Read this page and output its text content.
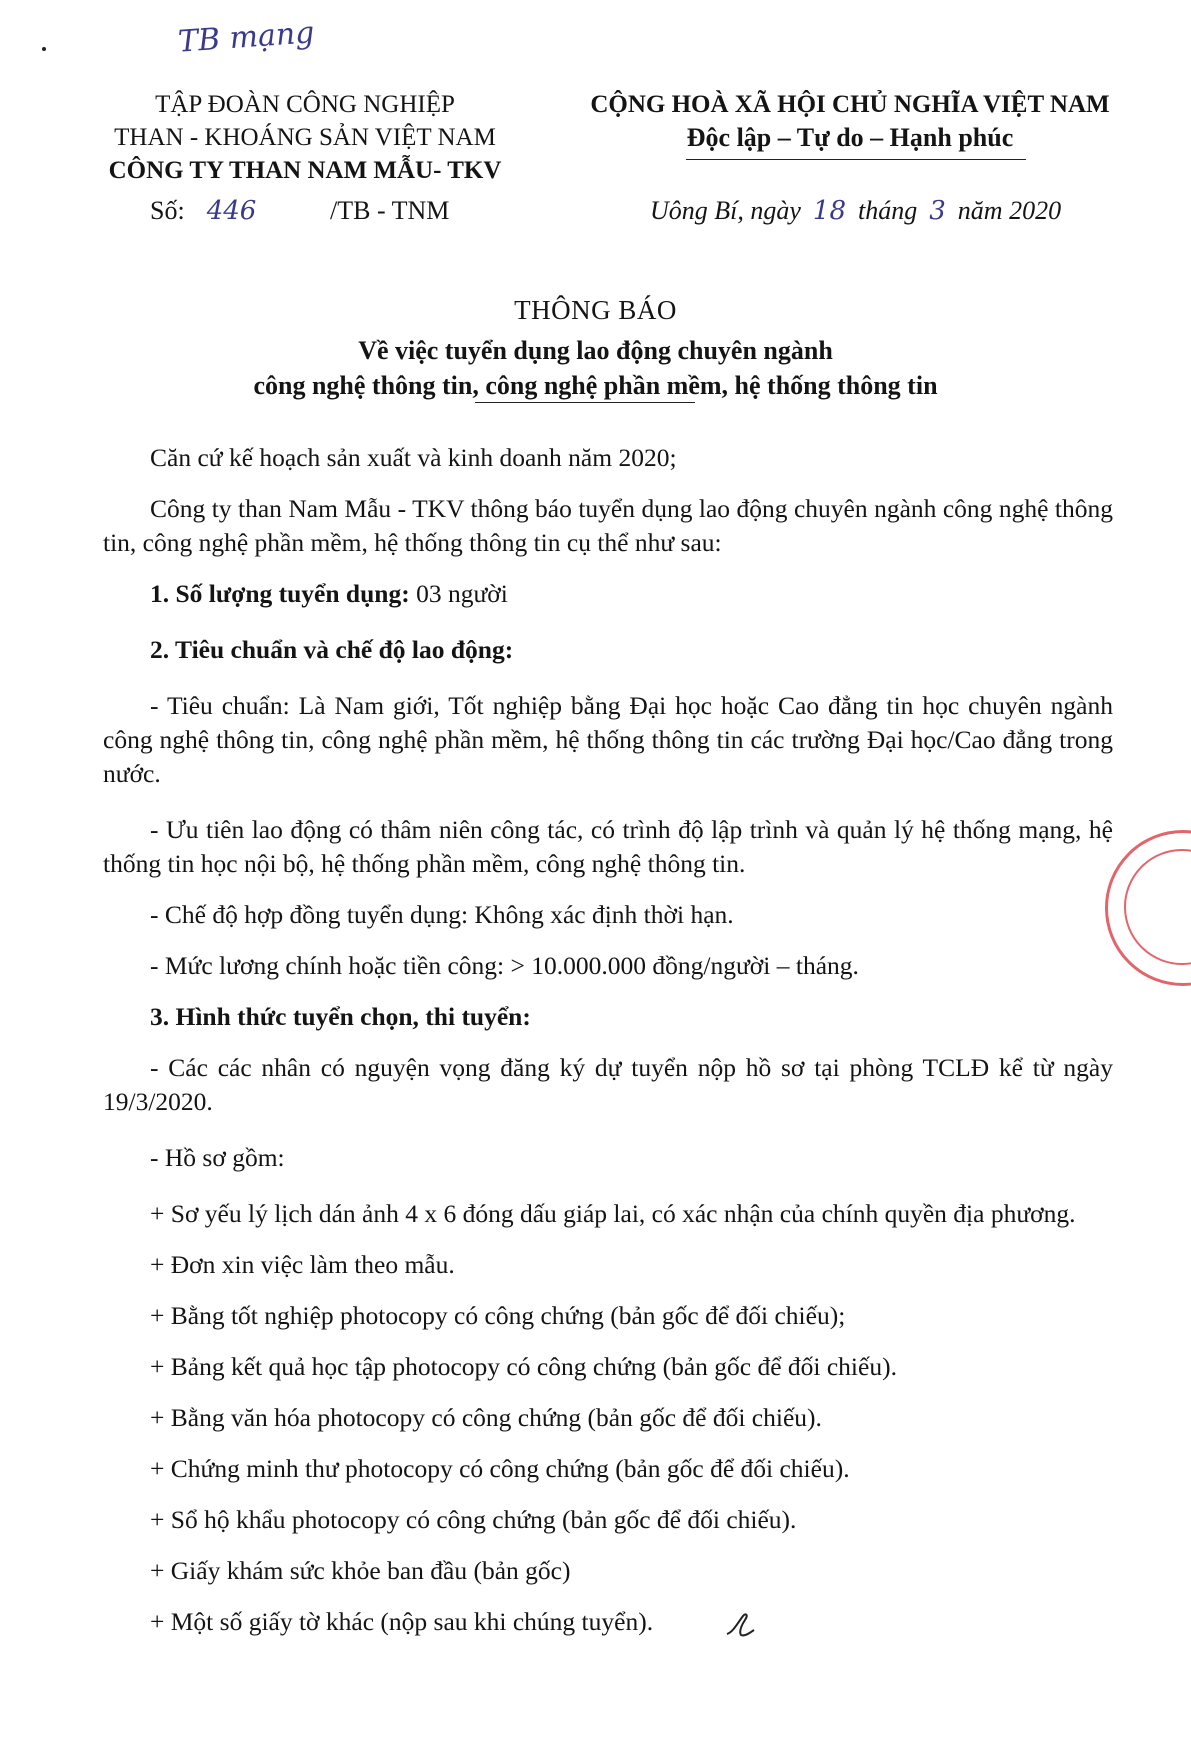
TB mạng
TẬP ĐOÀN CÔNG NGHIỆP
THAN - KHOÁNG SẢN VIỆT NAM
CÔNG TY THAN NAM MẪU- TKV
CỘNG HOÀ XÃ HỘI CHỦ NGHĨA VIỆT NAM
Độc lập – Tự do – Hạnh phúc
Số: 446	/TB - TNM	Uông Bí, ngày 18 tháng 3 năm 2020
THÔNG BÁO
Về việc tuyển dụng lao động chuyên ngành
công nghệ thông tin, công nghệ phần mềm, hệ thống thông tin

Căn cứ kế hoạch sản xuất và kinh doanh năm 2020;

Công ty than Nam Mẫu - TKV thông báo tuyển dụng lao động chuyên ngành công nghệ thông tin, công nghệ phần mềm, hệ thống thông tin cụ thể như sau:

1. Số lượng tuyển dụng: 03 người

2. Tiêu chuẩn và chế độ lao động:

- Tiêu chuẩn: Là Nam giới, Tốt nghiệp bằng Đại học hoặc Cao đẳng tin học chuyên ngành công nghệ thông tin, công nghệ phần mềm, hệ thống thông tin các trường Đại học/Cao đẳng trong nước.

- Ưu tiên lao động có thâm niên công tác, có trình độ lập trình và quản lý hệ thống mạng, hệ thống tin học nội bộ, hệ thống phần mềm, công nghệ thông tin.

- Chế độ hợp đồng tuyển dụng: Không xác định thời hạn.

- Mức lương chính hoặc tiền công: > 10.000.000 đồng/người – tháng.

3. Hình thức tuyển chọn, thi tuyển:

- Các các nhân có nguyện vọng đăng ký dự tuyển nộp hồ sơ tại phòng TCLĐ kể từ ngày 19/3/2020.

- Hồ sơ gồm:

+ Sơ yếu lý lịch dán ảnh 4 x 6 đóng dấu giáp lai, có xác nhận của chính quyền địa phương.

+ Đơn xin việc làm theo mẫu.

+ Bằng tốt nghiệp photocopy có công chứng (bản gốc để đối chiếu);

+ Bảng kết quả học tập photocopy có công chứng (bản gốc để đối chiếu).

+ Bằng văn hóa photocopy có công chứng (bản gốc để đối chiếu).

+ Chứng minh thư photocopy có công chứng (bản gốc để đối chiếu).

+ Sổ hộ khẩu photocopy có công chứng (bản gốc để đối chiếu).

+ Giấy khám sức khỏe ban đầu (bản gốc)

+ Một số giấy tờ khác (nộp sau khi chúng tuyển).
